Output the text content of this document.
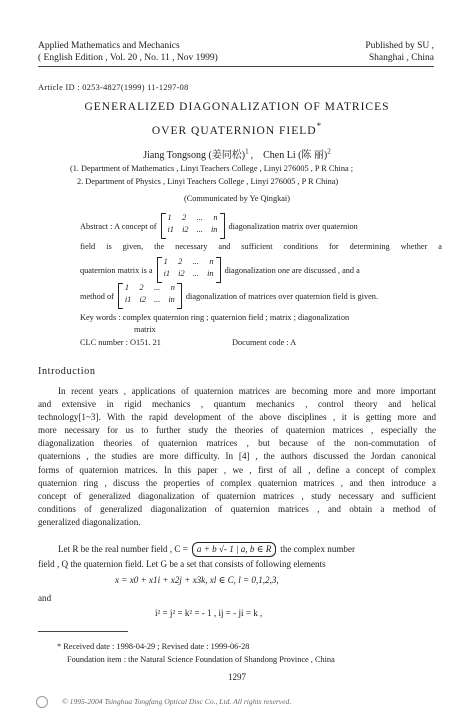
Applied Mathematics and Mechanics
( English Edition , Vol. 20 , No. 11 , Nov 1999)
Published by SU ,
Shanghai , China
Article ID : 0253-4827(1999) 11-1297-08
GENERALIZED DIAGONALIZATION OF MATRICES
OVER QUATERNION FIELD*
Jiang Tongsong (姜同松)$^1$ , Chen Li (陈 丽)$^2$
(1. Department of Mathematics , Linyi Teachers College , Linyi 276005 , P R China ;
2. Department of Physics , Linyi Teachers College , Linyi 276005 , P R China)
(Communicated by Ye Qingkai)
Abstract : A concept of
1 2 ... n
i1 i2 ... in diagonalization matrix over quaternion
field is given, the necessary and sufficient conditions for determining whether a
quaternion matrix is a
1 2 ... n
i1 i2 ... in diagonalization one are discussed , and a
method of
1 2 ... n
i1 i2 ... in diagonalization of matrices over quaternion field is given.
Key words : complex quaternion ring ; quaternion field ; matrix ; diagonalization
matrix
CLC number : O151. 21	Document code : A
Introduction
In recent years , applications of quaternion matrices are becoming more and more important
and extensive in rigid mechanics , quantum mechanics , control theory and helical
technology[1~3]. With the rapid development of the above disciplines , it is getting more and
more necessary for us to further study the theories of quaternion matrices , especially the
diagonalization theories of quaternion matrices , but because of the non-commutation of
quaternions , the studies are more difficulty. In [4] , the authors discussed the Jordan canonical
forms of quaternion matrices. In this paper , we , first of all , define a concept of complex
quaternion ring , discuss the properties of complex quaternion matrices , and then introduce a
concept of generalized diagonalization of quaternion matrices , study necessary and sufficient
conditions of generalized diagonalization of quaternion matrices , and obtain a method of
generalized diagonalization.
Let R be the real number field , C = a + b √- 1 | a, b ∈ R the complex number
field , Q the quaternion field. Let G be a set that consists of following elements
x = x0 + x1i + x2j + x3k, xl ∈ C, l = 0,1,2,3,
and
i² = j² = k² = - 1 , ij = - ji = k ,
* Received date : 1998-04-29 ; Revised date : 1999-06-28
Foundation item : the Natural Science Foundation of Shandong Province , China
1297
© 1995-2004 Tsinghua Tongfang Optical Disc Co., Ltd. All rights reserved.
